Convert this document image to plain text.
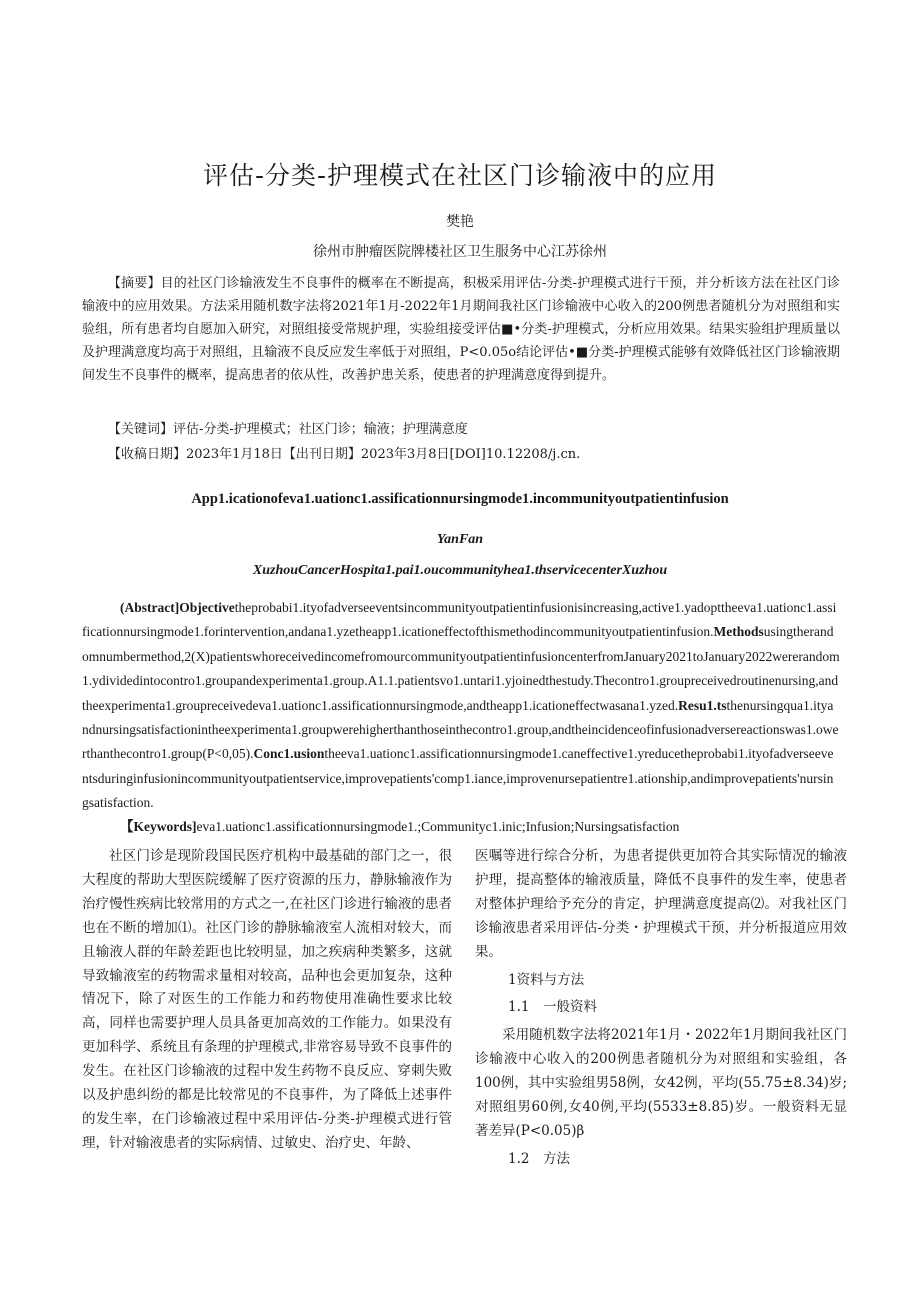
评估-分类-护理模式在社区门诊输液中的应用
樊艳
徐州市肿瘤医院牌楼社区卫生服务中心江苏徐州
【摘要】目的社区门诊输液发生不良事件的概率在不断提高，积极采用评估-分类-护理模式进行干预，并分析该方法在社区门诊输液中的应用效果。方法采用随机数字法将2021年1月-2022年1月期间我社区门诊输液中心收入的200例患者随机分为对照组和实验组，所有患者均自愿加入研究，对照组接受常规护理，实验组接受评估■•分类-护理模式，分析应用效果。结果实验组护理质量以及护理满意度均高于对照组，且输液不良反应发生率低于对照组，P<0.05o结论评估•■分类-护理模式能够有效降低社区门诊输液期间发生不良事件的概率，提高患者的依从性，改善护患关系，使患者的护理满意度得到提升。
【关键词】评估-分类-护理模式；社区门诊；输液；护理满意度
【收稿日期】2023年1月18日【出刊日期】2023年3月8日[DOI]10.12208/j.cn.
App1.icationofeva1.uationc1.assificationnursingmode1.incommunityoutpatientinfusion
YanFan
XuzhouCancerHospita1.pai1.oucommunityhea1.thservicecenterXuzhou
(Abstract]Objectivetheprobabi1.ityofadverseeventsincommunityoutpatientinfusionisincreasing,active1.yadopttheeva1.uationc1.assificationnursingmode1.forintervention,andana1.yzetheapp1.icationeffectofthismethodincommunityoutpatientinfusion.Methodsusingtherandomnumbermethod,2(X)patientswhoreceivedincomefromourcommunityoutpatientinfusioncenterfromJanuary2021toJanuary2022wererandom1.ydividedintocontro1.groupandexperimenta1.group.A1.1.patientsvo1.untari1.yjoinedthestudy.Thecontro1.groupreceivedroutinenursing,andtheexperimenta1.groupreceivedeva1.uationc1.assificationnursingmode,andtheapp1.icationeffectwasana1.yzed.Resu1.tsthenursingqua1.ityandnursingsatisfactionintheexperimenta1.groupwerehigherthanthoseinthecontro1.group,andtheincidenceofinfusionadversereactionswas1.owerthanthecontro1.group(P<0,05).Conc1.usiontheeva1.uationc1.assificationnursingmode1.caneffective1.yreducetheprobabi1.ityofadverseeventsduringinfusionincommunityoutpatientservice,improvepatients'comp1.iance,improvenursepatientre1.ationship,andimprovepatients'nursingsatisfaction.
【Keywords]eva1.uationc1.assificationnursingmode1.;Communityc1.inic;Infusion;Nursingsatisfaction

社区门诊是现阶段国民医疗机构中最基础的部门之一，很大程度的帮助大型医院缓解了医疗资源的压力，静脉输液作为治疗慢性疾病比较常用的方式之一,在社区门诊进行输液的患者也在不断的增加⑴。社区门诊的静脉输液室人流相对较大，而且输液人群的年龄差距也比较明显，加之疾病种类繁多，这就导致输液室的药物需求量相对较高，品种也会更加复杂，这种情况下，除了对医生的工作能力和药物使用准确性要求比较高，同样也需要护理人员具备更加高效的工作能力。如果没有更加科学、系统且有条理的护理模式,非常容易导致不良事件的发生。在社区门诊输液的过程中发生药物不良反应、穿刺失败以及护患纠纷的都是比较常见的不良事件，为了降低上述事件的发生率，在门诊输液过程中采用评估-分类-护理模式进行管理，针对输液患者的实际病情、过敏史、治疗史、年龄、

医嘱等进行综合分析，为患者提供更加符合其实际情况的输液护理，提高整体的输液质量，降低不良事件的发生率，使患者对整体护理给予充分的肯定，护理满意度提高⑵。对我社区门诊输液患者采用评估-分类・护理模式干预，并分析报道应用效果。

1资料与方法

1.1　一般资料

采用随机数字法将2021年1月・2022年1月期间我社区门诊输液中心收入的200例患者随机分为对照组和实验组，各100例，其中实验组男58例，女42例，平均(55.75±8.34)岁;对照组男60例,女40例,平均(5533±8.85)岁。一般资料无显著差异(P<0.05)β

1.2　方法
